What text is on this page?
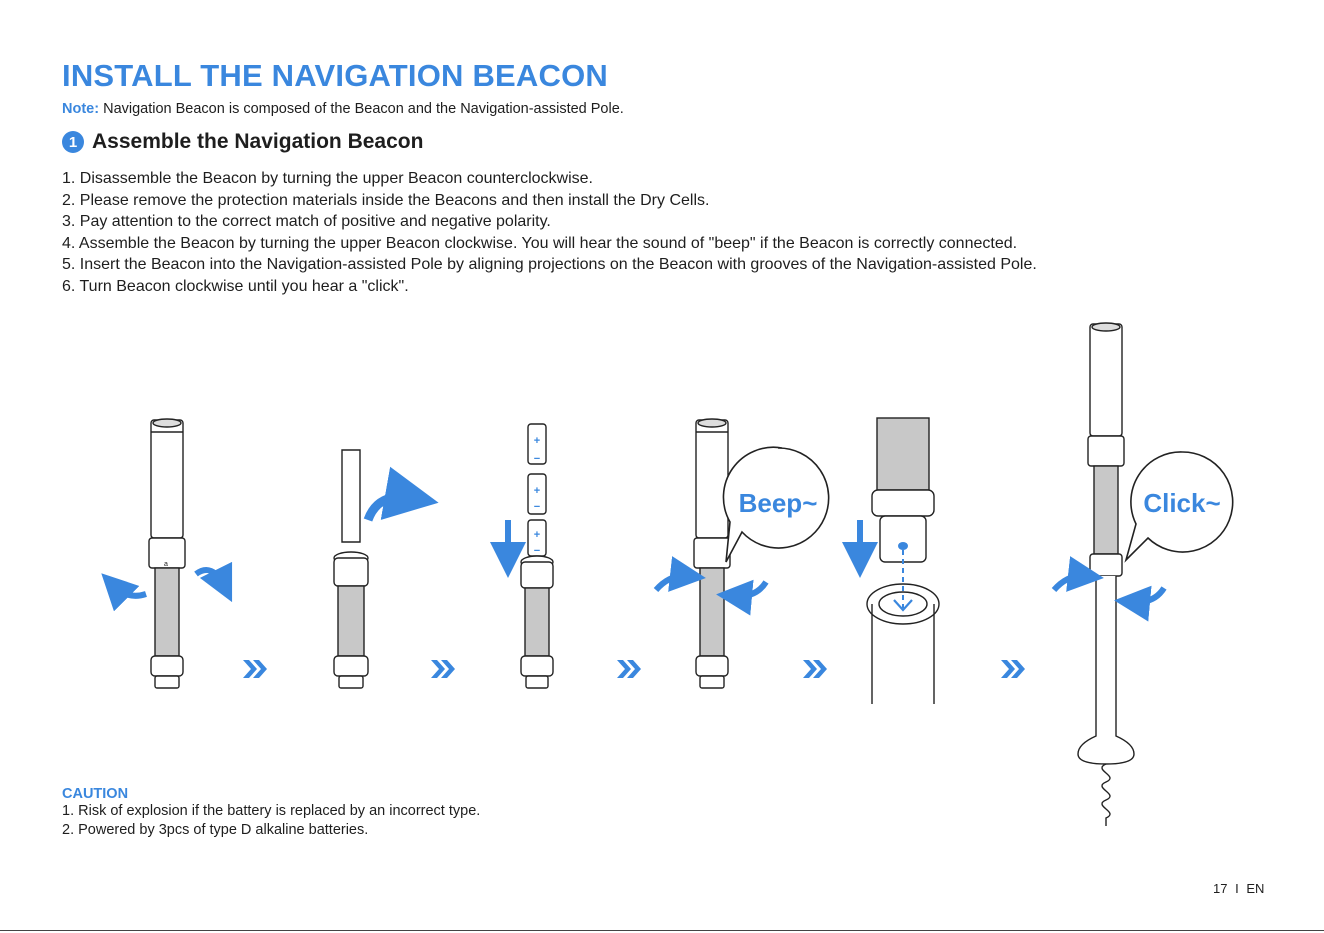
INSTALL THE NAVIGATION BEACON
Note: Navigation Beacon is composed of the Beacon and the Navigation-assisted Pole.
1 Assemble the Navigation Beacon
1. Disassemble the Beacon by turning the upper Beacon counterclockwise.
2. Please remove the protection materials inside the Beacons and then install the Dry Cells.
3. Pay attention to the correct match of positive and negative polarity.
4. Assemble the Beacon by turning the upper Beacon clockwise. You will hear the sound of "beep" if the Beacon is correctly connected.
5. Insert the Beacon into the Navigation-assisted Pole by aligning projections on the Beacon with grooves of the Navigation-assisted Pole.
6. Turn Beacon clockwise until you hear a "click".
a
+
−
+
−
+
−
Beep~	Click~
CAUTION
1. Risk of explosion if the battery is replaced by an incorrect type.
2. Powered by 3pcs of type D alkaline batteries.
17 I EN
